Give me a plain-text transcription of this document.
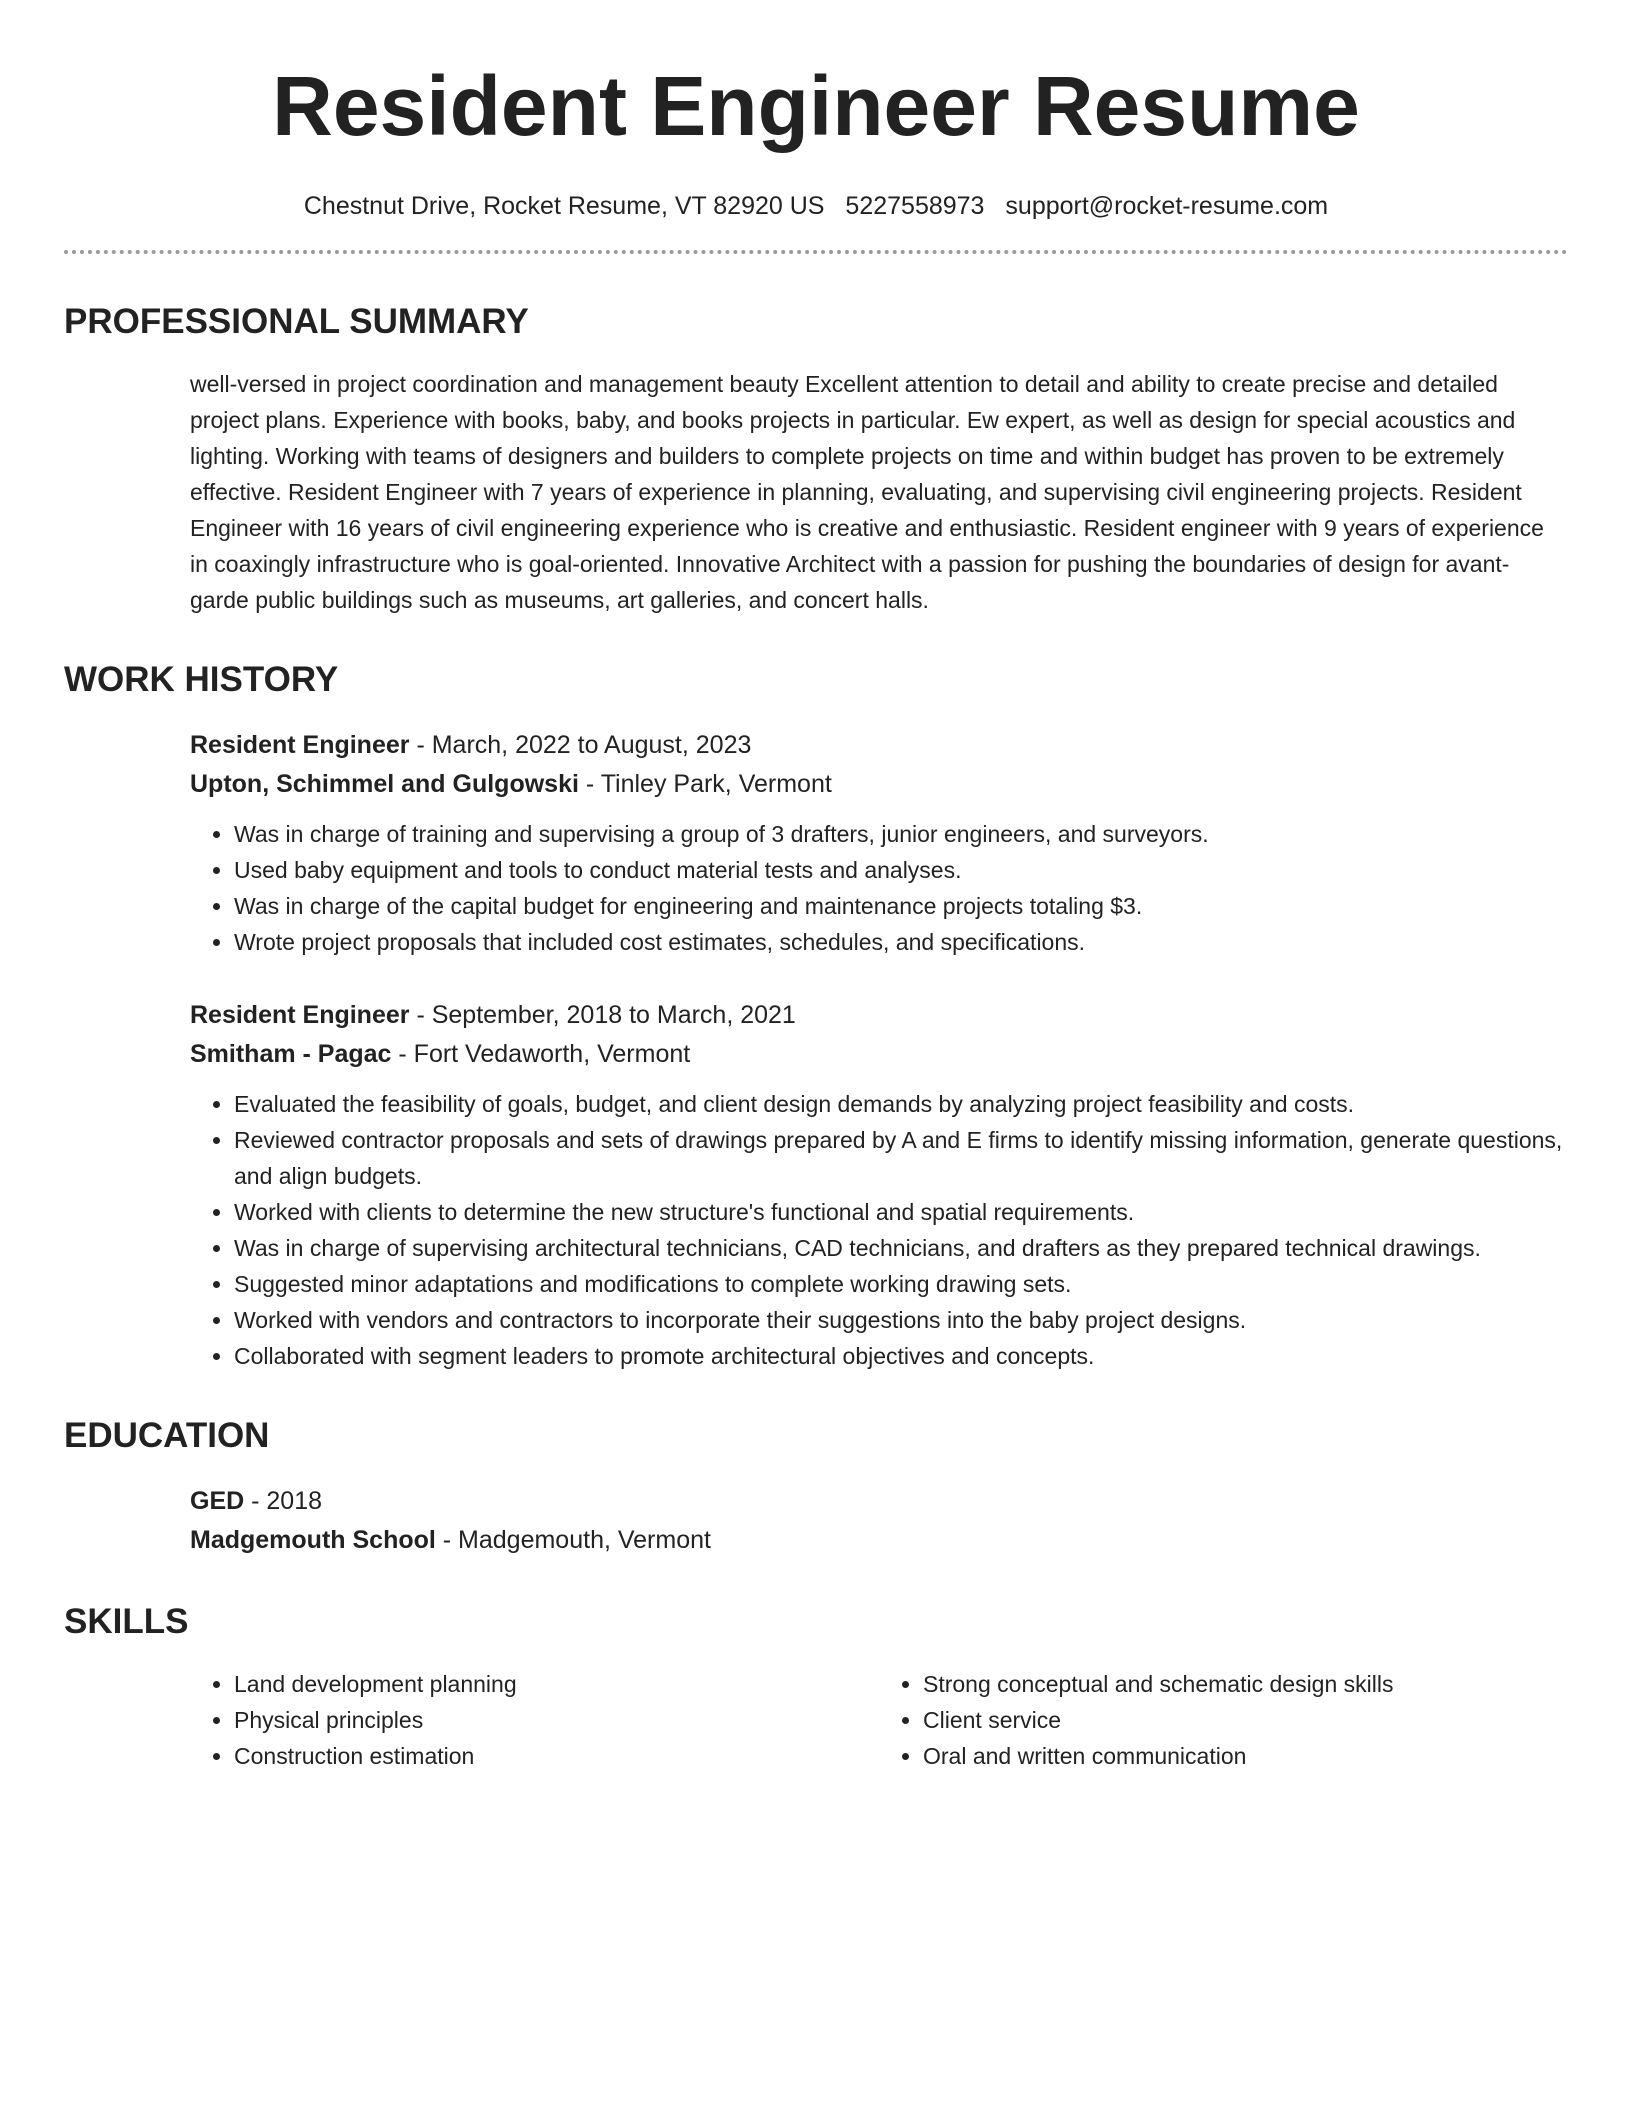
Resident Engineer Resume
Chestnut Drive, Rocket Resume, VT 82920 US 5227558973 support@rocket-resume.com
PROFESSIONAL SUMMARY
well-versed in project coordination and management beauty Excellent attention to detail and ability to create precise and detailed project plans. Experience with books, baby, and books projects in particular. Ew expert, as well as design for special acoustics and lighting. Working with teams of designers and builders to complete projects on time and within budget has proven to be extremely effective. Resident Engineer with 7 years of experience in planning, evaluating, and supervising civil engineering projects. Resident Engineer with 16 years of civil engineering experience who is creative and enthusiastic. Resident engineer with 9 years of experience in coaxingly infrastructure who is goal-oriented. Innovative Architect with a passion for pushing the boundaries of design for avant-garde public buildings such as museums, art galleries, and concert halls.
WORK HISTORY
Resident Engineer - March, 2022 to August, 2023
Upton, Schimmel and Gulgowski - Tinley Park, Vermont
• Was in charge of training and supervising a group of 3 drafters, junior engineers, and surveyors.
• Used baby equipment and tools to conduct material tests and analyses.
• Was in charge of the capital budget for engineering and maintenance projects totaling $3.
• Wrote project proposals that included cost estimates, schedules, and specifications.
Resident Engineer - September, 2018 to March, 2021
Smitham - Pagac - Fort Vedaworth, Vermont
• Evaluated the feasibility of goals, budget, and client design demands by analyzing project feasibility and costs.
• Reviewed contractor proposals and sets of drawings prepared by A and E firms to identify missing information, generate questions, and align budgets.
• Worked with clients to determine the new structure's functional and spatial requirements.
• Was in charge of supervising architectural technicians, CAD technicians, and drafters as they prepared technical drawings.
• Suggested minor adaptations and modifications to complete working drawing sets.
• Worked with vendors and contractors to incorporate their suggestions into the baby project designs.
• Collaborated with segment leaders to promote architectural objectives and concepts.
EDUCATION
GED - 2018
Madgemouth School - Madgemouth, Vermont
SKILLS
• Land development planning
• Physical principles
• Construction estimation
• Strong conceptual and schematic design skills
• Client service
• Oral and written communication
